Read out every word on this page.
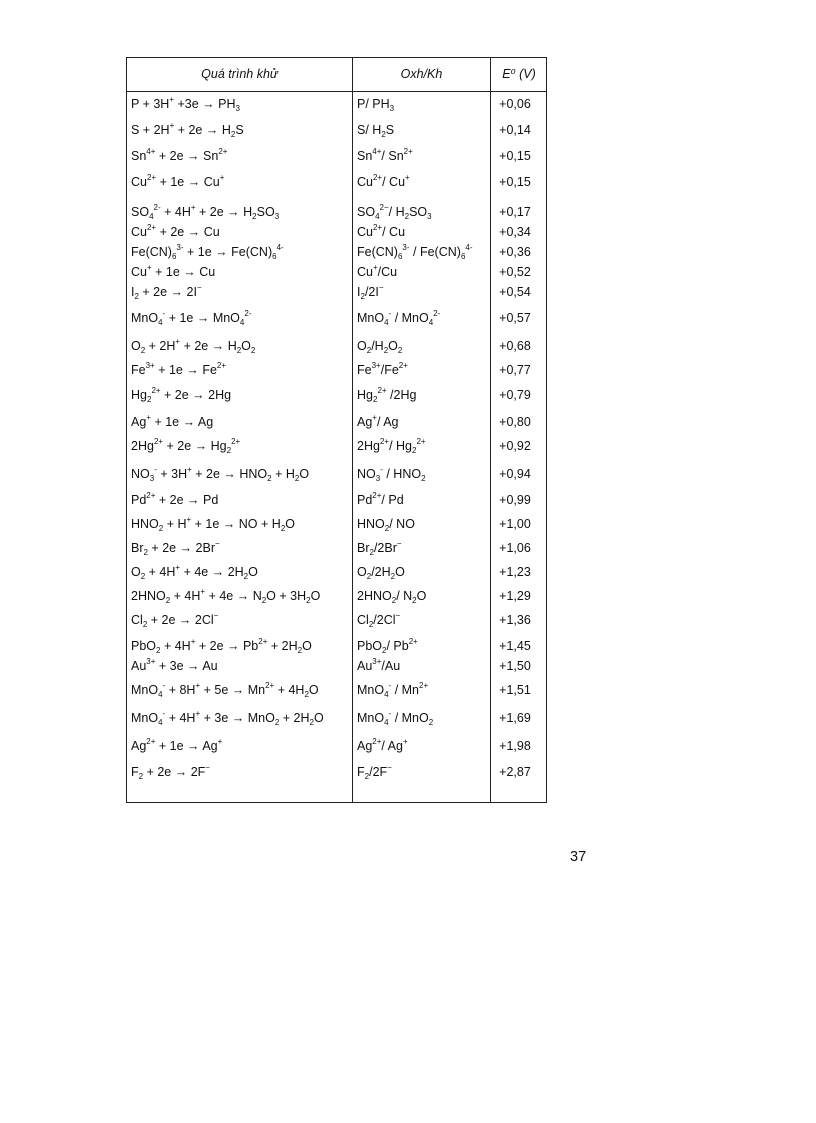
Quá trình khử	Oxh/Kh	E⁰ (V)
$P + 3H^+ +3e \to PH_3$	P/ $PH_3$	+0,06
$S + 2H^+ + 2e \to H_2S$	S/ $H_2S$	+0,14
$Sn^{4+} + 2e \to Sn^{2+}$	$Sn^{4+}/$ $Sn^{2+}$	+0,15
$Cu^{2+} + 1e \to Cu^+$	$Cu^{2+}/$ Cu+	+0,15
$SO_4^{2-} + 4H^+ + 2e \to H_2SO_3$	$SO_4^{2-}/$ $H_2SO_3$	+0,17
$Cu^{2+} + 2e \to Cu$	$Cu^{2+}/$ Cu	+0,34
$Fe(CN)_6^{3-} + 1e \to Fe(CN)_6^{4-}$	$Fe(CN)_6^{3-} / Fe(CN)_6^{4-}$	+0,36
Cu+ + 1e → Cu	Cu+/Cu	+0,52
$I_2 + 2e \to 2I^-$	$I_2/2I^-$	+0,54
MnO$_4$- + 1e → MnO$_4^{2-}$	MnO$_4$- / MnO$_4^{2-}$	+0,57
$O_2 + 2H^+ + 2e \to H_2O_2$	$O_2/H_2O_2$	+0,68
$Fe^{3+} + 1e \to Fe^{2+}$	$Fe^{3+}/Fe^{2+}$	+0,77
$Hg_2^{2+} + 2e \to 2Hg$	$Hg_2^{2+}$ /2Hg	+0,79
Ag+ + 1e → Ag	Ag+/ Ag	+0,80
$2Hg^{2+} + 2e \to Hg_2^{2+}$	$2Hg^{2+}/$ $Hg_2^{2+}$	+0,92
$NO_3^- + 3H^+ + 2e \to HNO_2 + H_2O$	$NO_3^- / HNO_2$	+0,94
$Pd^{2+} + 2e \to Pd$	$Pd^{2+}/$ Pd	+0,99
$HNO_2 + H^+ + 1e$ → NO + $H_2O$	$HNO_2/$ NO	+1,00
$Br_2 + 2e \to 2Br^-$	$Br_2/2Br^-$	+1,06
$O_2 + 4H^+ + 4e \to 2H_2O$	$O_2/2H_2O$	+1,23
$2HNO_2 + 4H^+ + 4e \to N_2O + 3H_2O$	$2HNO_2/$ $N_2O$	+1,29
$Cl_2 + 2e \to 2Cl^-$	$Cl_2/2Cl^-$	+1,36
$PbO_2 + 4H^+ + 2e \to Pb^{2+} + 2H_2O$	PbO$_2$/ $Pb^{2+}$	+1,45
$Au^{3+} + 3e \to Au$	$Au^{3+}/Au$	+1,50
$MnO_4^- + 8H^+ + 5e \to Mn^{2+} + 4H_2O$	$MnO_4^- / Mn^{2+}$	+1,51
$MnO_4^- + 4H^+ + 3e \to MnO_2 + 2H_2O$	MnO$_4$- / MnO$_2$	+1,69
$Ag^{2+} + 1e \to Ag^+$	$Ag^{2+}/$ Ag+	+1,98
$F_2 + 2e \to 2F^-$	$F_2/2F^-$	+2,87
37
